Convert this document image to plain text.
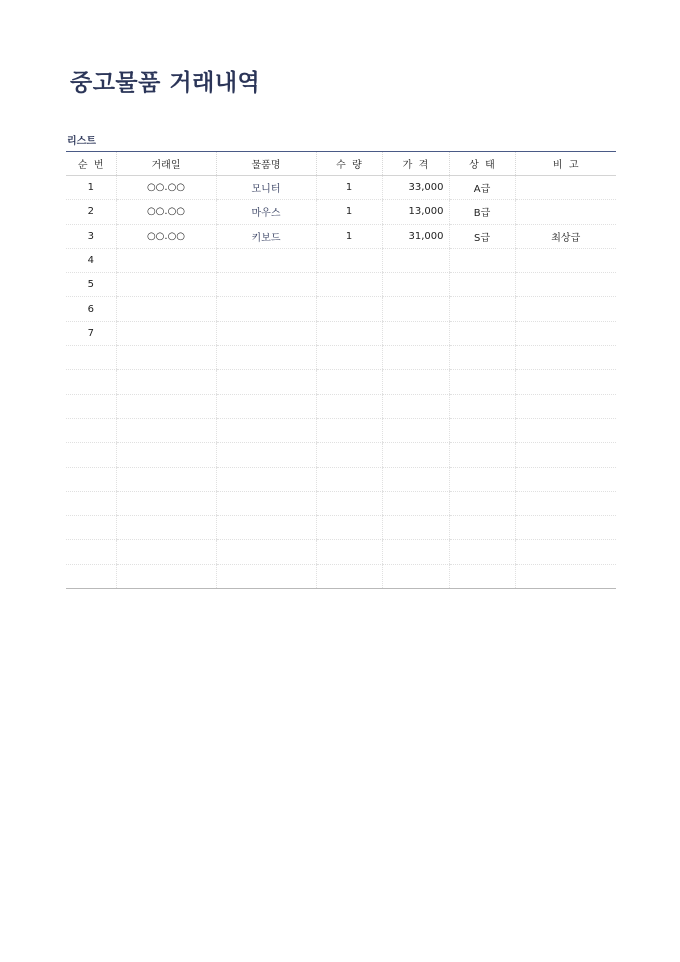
중고물품 거래내역
리스트
순  번	거래일	물품명	수  량	가  격	상  태	비  고
1	○○.○○	모니터	1	33,000	A급	
2	○○.○○	마우스	1	13,000	B급	
3	○○.○○	키보드	1	31,000	S급	최상급
4						
5						
6						
7						
